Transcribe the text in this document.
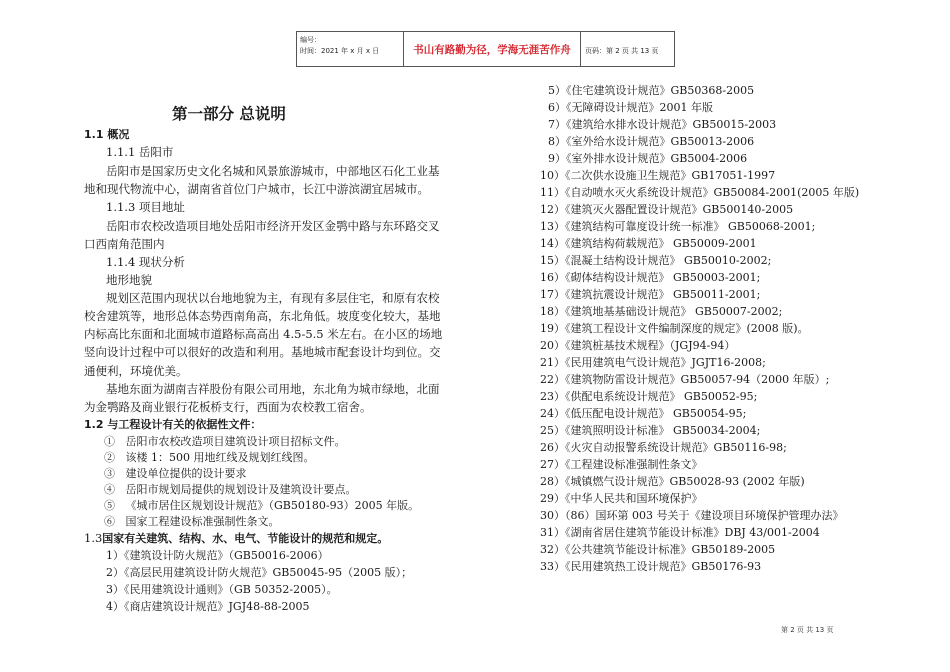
编号：
时间：2021 年 x 月 x 日	书山有路勤为径，学海无涯苦作舟	页码：第 2 页 共 13 页
第一部分 总说明
1.1 概况
1.1.1 岳阳市
岳阳市是国家历史文化名城和风景旅游城市，中部地区石化工业基
地和现代物流中心，湖南省首位门户城市，长江中游滨湖宜居城市。
1.1.3 项目地址
岳阳市农校改造项目地处岳阳市经济开发区金鹗中路与东环路交叉
口西南角范围内
1.1.4 现状分析
地形地貌
规划区范围内现状以台地地貌为主，有现有多层住宅，和原有农校
校舍建筑等，地形总体态势西南角高，东北角低。坡度变化较大，基地
内标高比东面和北面城市道路标高高出 4.5-5.5 米左右。在小区的场地
竖向设计过程中可以很好的改造和利用。基地城市配套设计均到位。交
通便利，环境优美。
基地东面为湖南吉祥股份有限公司用地，东北角为城市绿地，北面
为金鹗路及商业银行花板桥支行，西面为农校教工宿舍。
1.2 与工程设计有关的依据性文件：
① 岳阳市农校改造项目建筑设计项目招标文件。
② 该楼 1：500 用地红线及规划红线图。
③ 建设单位提供的设计要求
④ 岳阳市规划局提供的规划设计及建筑设计要点。
⑤ 《城市居住区规划设计规范》（GB50180-93）2005 年版。
⑥ 国家工程建设标准强制性条文。
1.3国家有关建筑、结构、水、电气、节能设计的规范和规定。
1）《建筑设计防火规范》（GB50016-2006）
2）《高层民用建筑设计防火规范》GB50045-95（2005 版）；
3）《民用建筑设计通则》（GB 50352-2005）。
4）《商店建筑设计规范》JGJ48-88-2005
5）《住宅建筑设计规范》GB50368-2005
6）《无障碍设计规范》2001 年版
7）《建筑给水排水设计规范》GB50015-2003
8）《室外给水设计规范》GB50013-2006
9）《室外排水设计规范》GB5004-2006
10）《二次供水设施卫生规范》GB17051-1997
11）《自动喷水灭火系统设计规范》GB50084-2001(2005 年版)
12）《建筑灭火器配置设计规范》GB500140-2005
13）《建筑结构可靠度设计统一标准》 GB50068-2001;
14）《建筑结构荷载规范》 GB50009-2001
15）《混凝土结构设计规范》 GB50010-2002;
16）《砌体结构设计规范》 GB50003-2001;
17）《建筑抗震设计规范》 GB50011-2001;
18）《建筑地基基础设计规范》 GB50007-2002;
19）《建筑工程设计文件编制深度的规定》(2008 版)。
20）《建筑桩基技术规程》（JGJ94-94）
21）《民用建筑电气设计规范》JGJT16-2008;
22）《建筑物防雷设计规范》GB50057-94（2000 年版）;
23）《供配电系统设计规范》 GB50052-95;
24）《低压配电设计规范》 GB50054-95;
25）《建筑照明设计标准》 GB50034-2004;
26）《火灾自动报警系统设计规范》GB50116-98;
27）《工程建设标准强制性条文》
28）《城镇燃气设计规范》GB50028-93 (2002 年版)
29）《中华人民共和国环境保护》
30）（86）国环第 003 号关于《建设项目环境保护管理办法》
31）《湖南省居住建筑节能设计标准》DBJ 43/001-2004
32）《公共建筑节能设计标准》GB50189-2005
33）《民用建筑热工设计规范》GB50176-93
第 2 页 共 13 页
